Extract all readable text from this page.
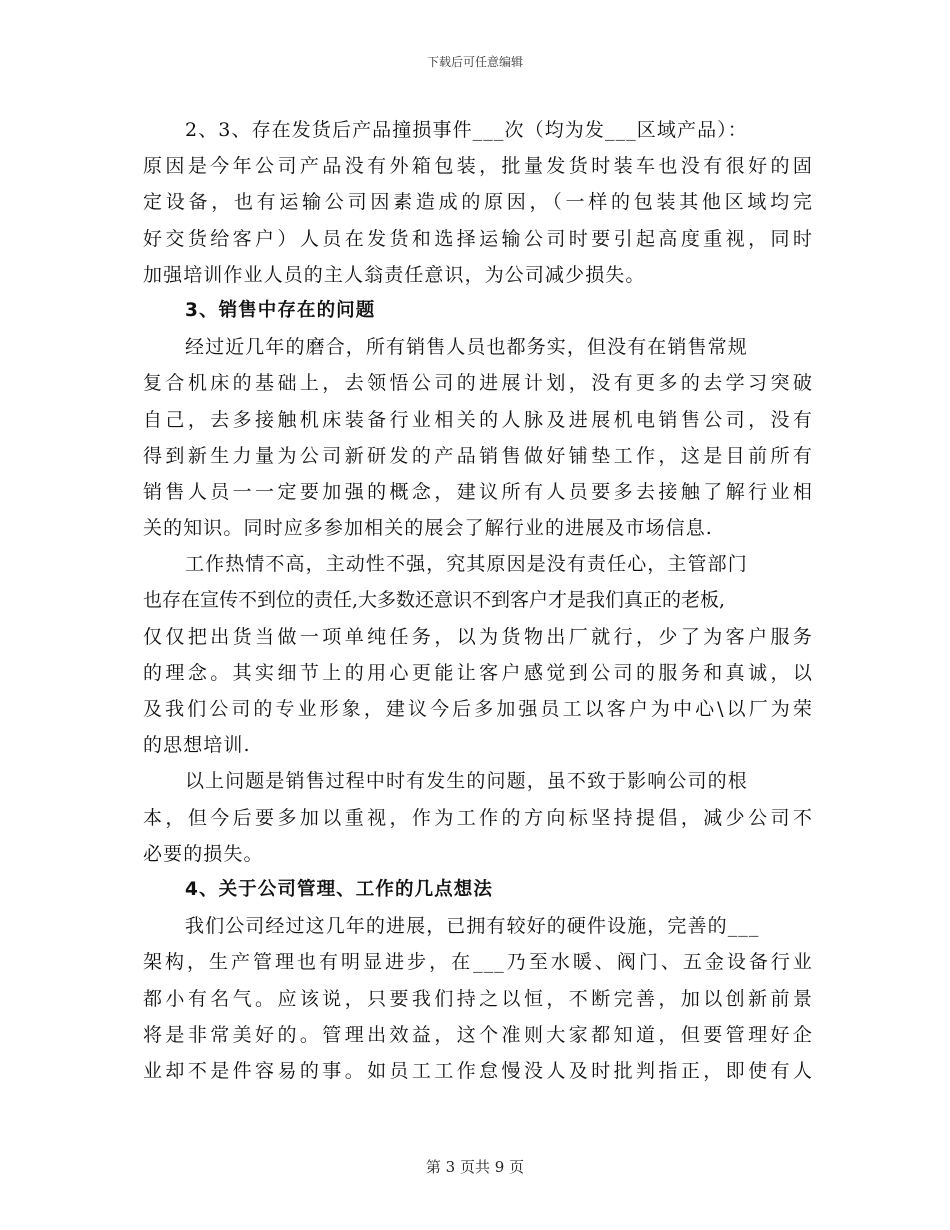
下载后可任意编辑
2、3、存在发货后产品撞损事件___次（均为发___区域产品）：
原因是今年公司产品没有外箱包装，批量发货时装车也没有很好的固
定设备，也有运输公司因素造成的原因，（一样的包装其他区域均完
好交货给客户）人员在发货和选择运输公司时要引起高度重视，同时
加强培训作业人员的主人翁责任意识，为公司减少损失。
3、销售中存在的问题
经过近几年的磨合，所有销售人员也都务实，但没有在销售常规
复合机床的基础上，去领悟公司的进展计划，没有更多的去学习突破
自己，去多接触机床装备行业相关的人脉及进展机电销售公司，没有
得到新生力量为公司新研发的产品销售做好铺垫工作，这是目前所有
销售人员一一定要加强的概念，建议所有人员要多去接触了解行业相
关的知识。同时应多参加相关的展会了解行业的进展及市场信息.
工作热情不高，主动性不强，究其原因是没有责任心，主管部门
也存在宣传不到位的责任,大多数还意识不到客户才是我们真正的老板,
仅仅把出货当做一项单纯任务，以为货物出厂就行，少了为客户服务
的理念。其实细节上的用心更能让客户感觉到公司的服务和真诚，以
及我们公司的专业形象，建议今后多加强员工以客户为中心\以厂为荣
的思想培训.
以上问题是销售过程中时有发生的问题，虽不致于影响公司的根
本，但今后要多加以重视，作为工作的方向标坚持提倡，减少公司不
必要的损失。
4、关于公司管理、工作的几点想法
我们公司经过这几年的进展，已拥有较好的硬件设施，完善的___
架构，生产管理也有明显进步，在___乃至水暖、阀门、五金设备行业
都小有名气。应该说，只要我们持之以恒，不断完善，加以创新前景
将是非常美好的。管理出效益，这个准则大家都知道，但要管理好企
业却不是件容易的事。如员工工作怠慢没人及时批判指正，即使有人
第 3 页共 9 页
